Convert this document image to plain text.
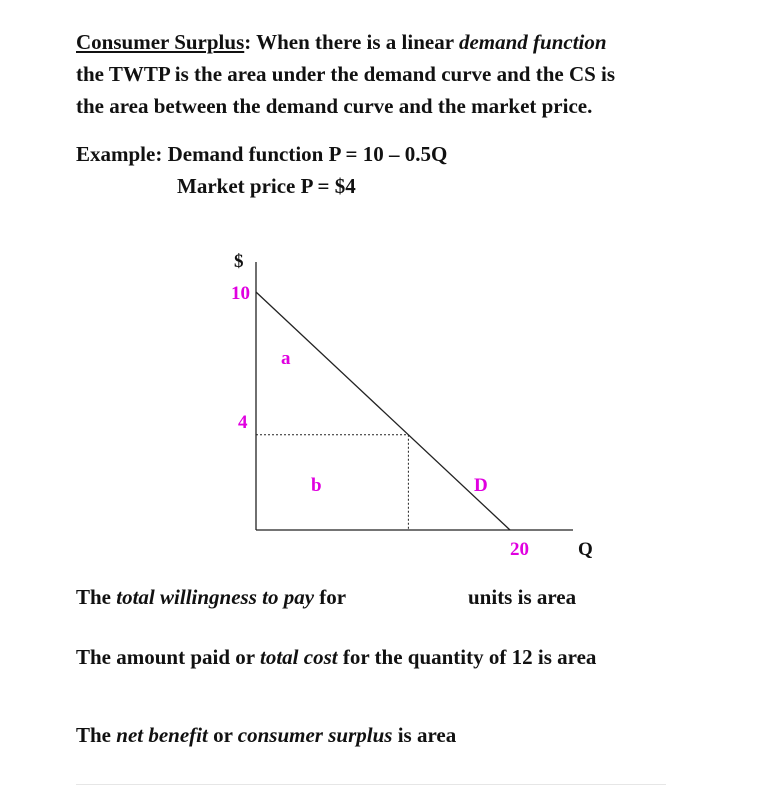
Consumer Surplus: When there is a linear demand function
the TWTP is the area under the demand curve and the CS is
the area between the demand curve and the market price.
Example: Demand function P = 10 – 0.5Q
Market price P = $4
$
10
4
a
b	D
20	Q
The total willingness to pay for	units is area
The amount paid or total cost for the quantity of 12 is area
The net benefit or consumer surplus is area
